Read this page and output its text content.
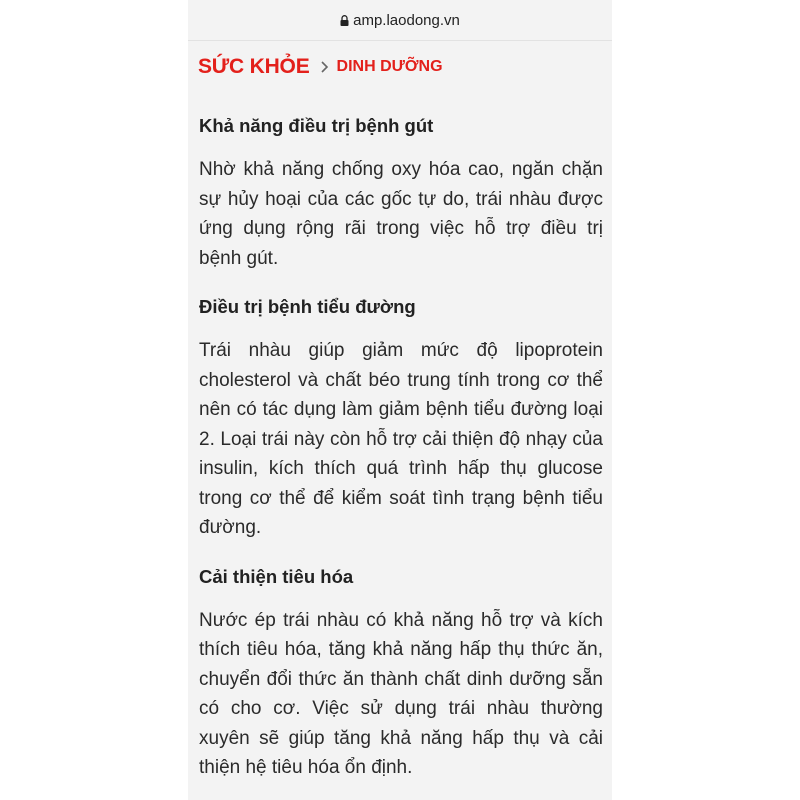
Khả năng điều trị bệnh gút

Nhờ khả năng chống oxy hóa cao, ngăn chặn sự hủy hoại của các gốc tự do, trái nhàu được ứng dụng rộng rãi trong việc hỗ trợ điều trị bệnh gút.

Điều trị bệnh tiểu đường

Trái nhàu giúp giảm mức độ lipoprotein cholesterol và chất béo trung tính trong cơ thể nên có tác dụng làm giảm bệnh tiểu đường loại 2. Loại trái này còn hỗ trợ cải thiện độ nhạy của insulin, kích thích quá trình hấp thụ glucose trong cơ thể để kiểm soát tình trạng bệnh tiểu đường.

Cải thiện tiêu hóa

Nước ép trái nhàu có khả năng hỗ trợ và kích thích tiêu hóa, tăng khả năng hấp thụ thức ăn, chuyển đổi thức ăn thành chất dinh dưỡng sẵn có cho cơ. Việc sử dụng trái nhàu thường xuyên sẽ giúp tăng khả năng hấp thụ và cải thiện hệ tiêu hóa ổn định.

amp.laodong.vn
SỨC KHỎE DINH DƯỠNG
